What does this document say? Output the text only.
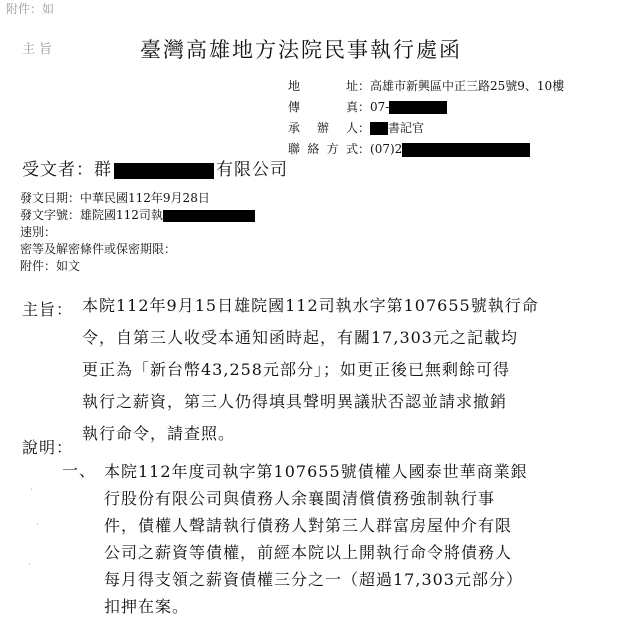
附件：如
主旨	臺灣高雄地方法院民事執行處函
地　　址：高雄市新興區中正三路25號9、10樓
傳　　真：07-
承 辦 人： 書記官
聯絡方式：(07)2
受文者：群	有限公司
發文日期：中華民國112年9月28日
發文字號：雄院國112司執
速別：
密等及解密條件或保密期限：
附件：如文
主旨： 本院112年9月15日雄院國112司執水字第107655號執行命
令，自第三人收受本通知函時起，有關17,303元之記載均
更正為「新台幣43,258元部分」；如更正後已無剩餘可得
執行之薪資，第三人仍得填具聲明異議狀否認並請求撤銷
執行命令，請查照。
說明：
一、 本院112年度司執字第107655號債權人國泰世華商業銀
行股份有限公司與債務人余襄閩清償債務強制執行事
件，債權人聲請執行債務人對第三人群富房屋仲介有限
公司之薪資等債權，前經本院以上開執行命令將債務人
每月得支領之薪資債權三分之一（超過17,303元部分）
扣押在案。
·
·
·
